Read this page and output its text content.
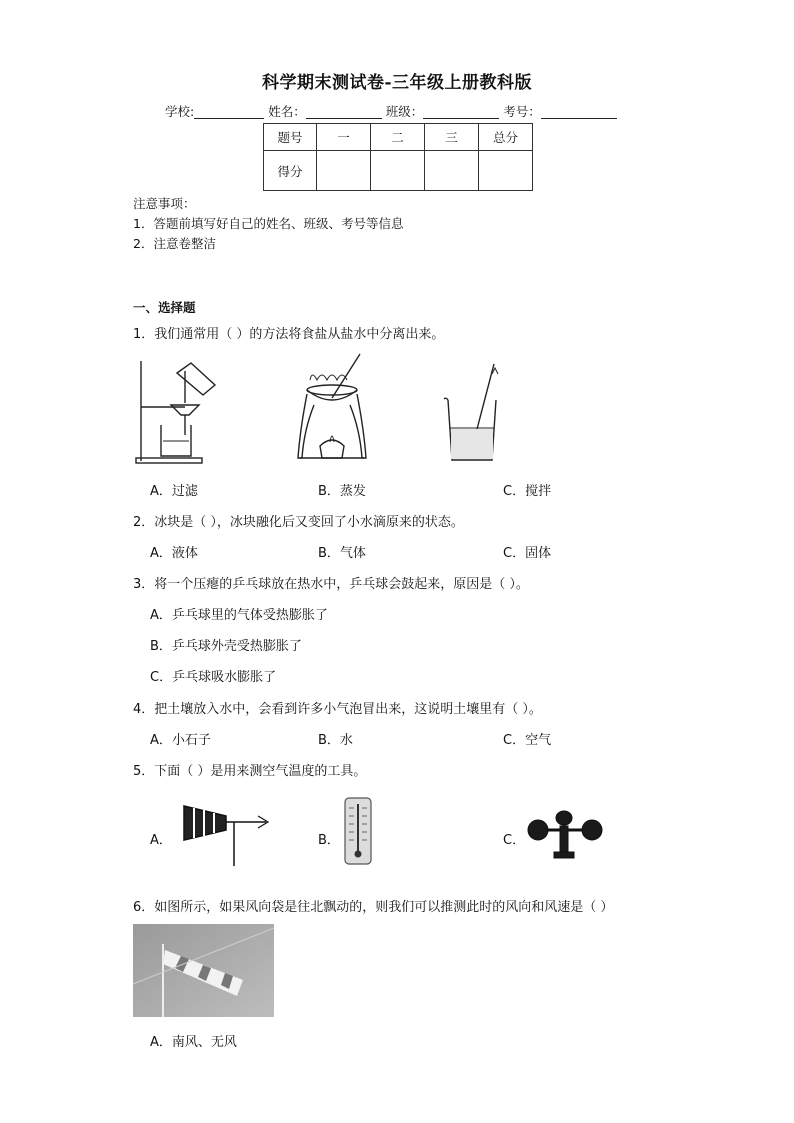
科学期末测试卷-三年级上册教科版
学校:	姓名：	班级：	考号：
题号	一	二	三	总分
得分				
注意事项：
1．答题前填写好自己的姓名、班级、考号等信息
2．注意卷整洁
一、选择题
1．我们通常用（ ）的方法将食盐从盐水中分离出来。
A．过滤	B．蒸发	C．搅拌
2．冰块是（ ），冰块融化后又变回了小水滴原来的状态。
A．液体	B．气体	C．固体
3．将一个压瘪的乒乓球放在热水中，乒乓球会鼓起来，原因是（ ）。
A．乒乓球里的气体受热膨胀了
B．乒乓球外壳受热膨胀了
C．乒乓球吸水膨胀了
4．把土壤放入水中，会看到许多小气泡冒出来，这说明土壤里有（ ）。
A．小石子	B．水	C．空气
5．下面（ ）是用来测空气温度的工具。
A．	B．	C．
6．如图所示，如果风向袋是往北飘动的，则我们可以推测此时的风向和风速是（ ）
A．南风、无风
